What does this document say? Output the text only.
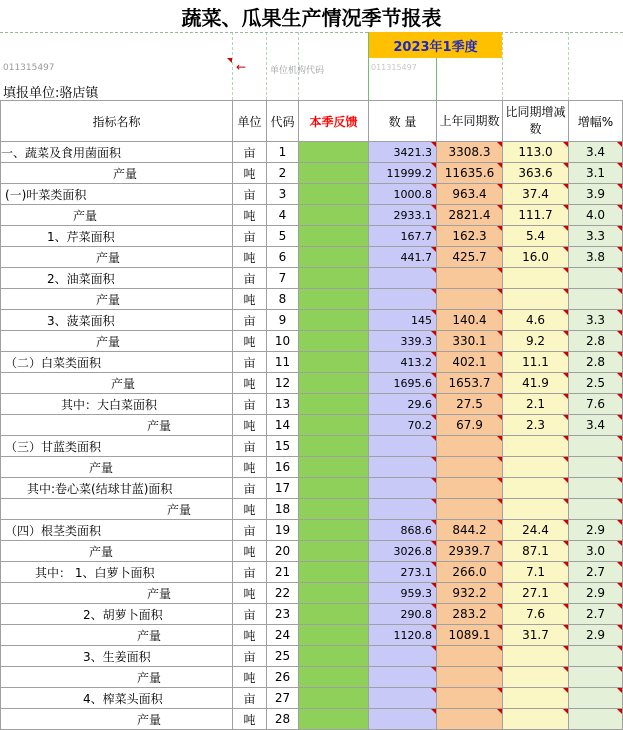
蔬菜、瓜果生产情况季节报表
2023年1季度
011315497	←	单位机构代码	011315497
填报单位:骆店镇
指标名称	单位	代码	本季反馈	数 量	上年同期数	比同期增减数	增幅%
一、蔬菜及食用菌面积	亩	1		3421.3	3308.3	113.0	3.4
产量	吨	2		11999.2	11635.6	363.6	3.1
(一)叶菜类面积	亩	3		1000.8	963.4	37.4	3.9
产量	吨	4		2933.1	2821.4	111.7	4.0
1、芹菜面积	亩	5		167.7	162.3	5.4	3.3
产量	吨	6		441.7	425.7	16.0	3.8
2、油菜面积	亩	7					
产量	吨	8					
3、菠菜面积	亩	9		145	140.4	4.6	3.3
产量	吨	10		339.3	330.1	9.2	2.8
（二）白菜类面积	亩	11		413.2	402.1	11.1	2.8
产量	吨	12		1695.6	1653.7	41.9	2.5
其中：大白菜面积	亩	13		29.6	27.5	2.1	7.6
产量	吨	14		70.2	67.9	2.3	3.4
（三）甘蓝类面积	亩	15					
产量	吨	16					
其中:卷心菜(结球甘蓝)面积	亩	17					
产量	吨	18					
（四）根茎类面积	亩	19		868.6	844.2	24.4	2.9
产量	吨	20		3026.8	2939.7	87.1	3.0
其中： 1、白萝卜面积	亩	21		273.1	266.0	7.1	2.7
产量	吨	22		959.3	932.2	27.1	2.9
2、胡萝卜面积	亩	23		290.8	283.2	7.6	2.7
产量	吨	24		1120.8	1089.1	31.7	2.9
3、生姜面积	亩	25					
产量	吨	26					
4、榨菜头面积	亩	27					
产量	吨	28					
